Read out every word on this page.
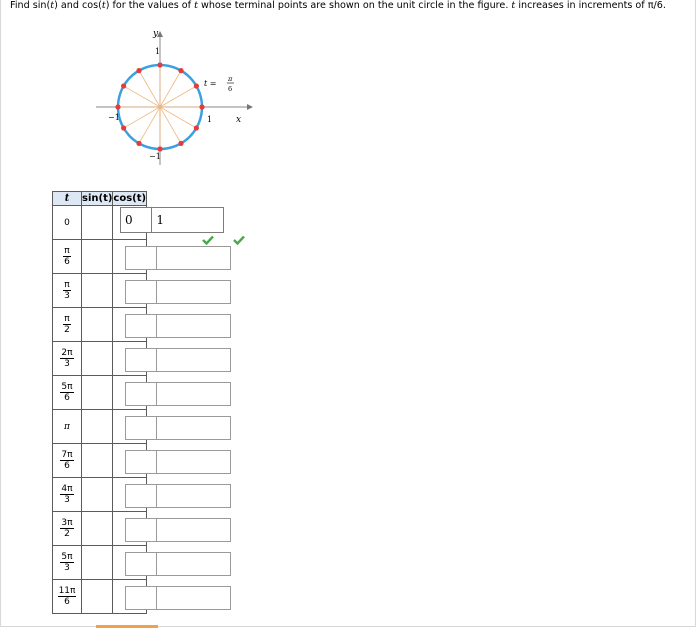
Find sin(t) and cos(t) for the values of t whose terminal points are shown on the unit circle in the figure. t increases in increments of π/6.
y
x
1
−1
−1	1
t = π
6
t	sin(t)	cos(t)
0	0	1

$\frac{\pi}{6}$

$\frac{\pi}{3}$

$\frac{\pi}{2}$

$\frac{2\pi}{3}$

$\frac{5\pi}{6}$

π	

$\frac{7\pi}{6}$

$\frac{4\pi}{3}$

$\frac{3\pi}{2}$

$\frac{5\pi}{3}$

$\frac{11\pi}{6}$
